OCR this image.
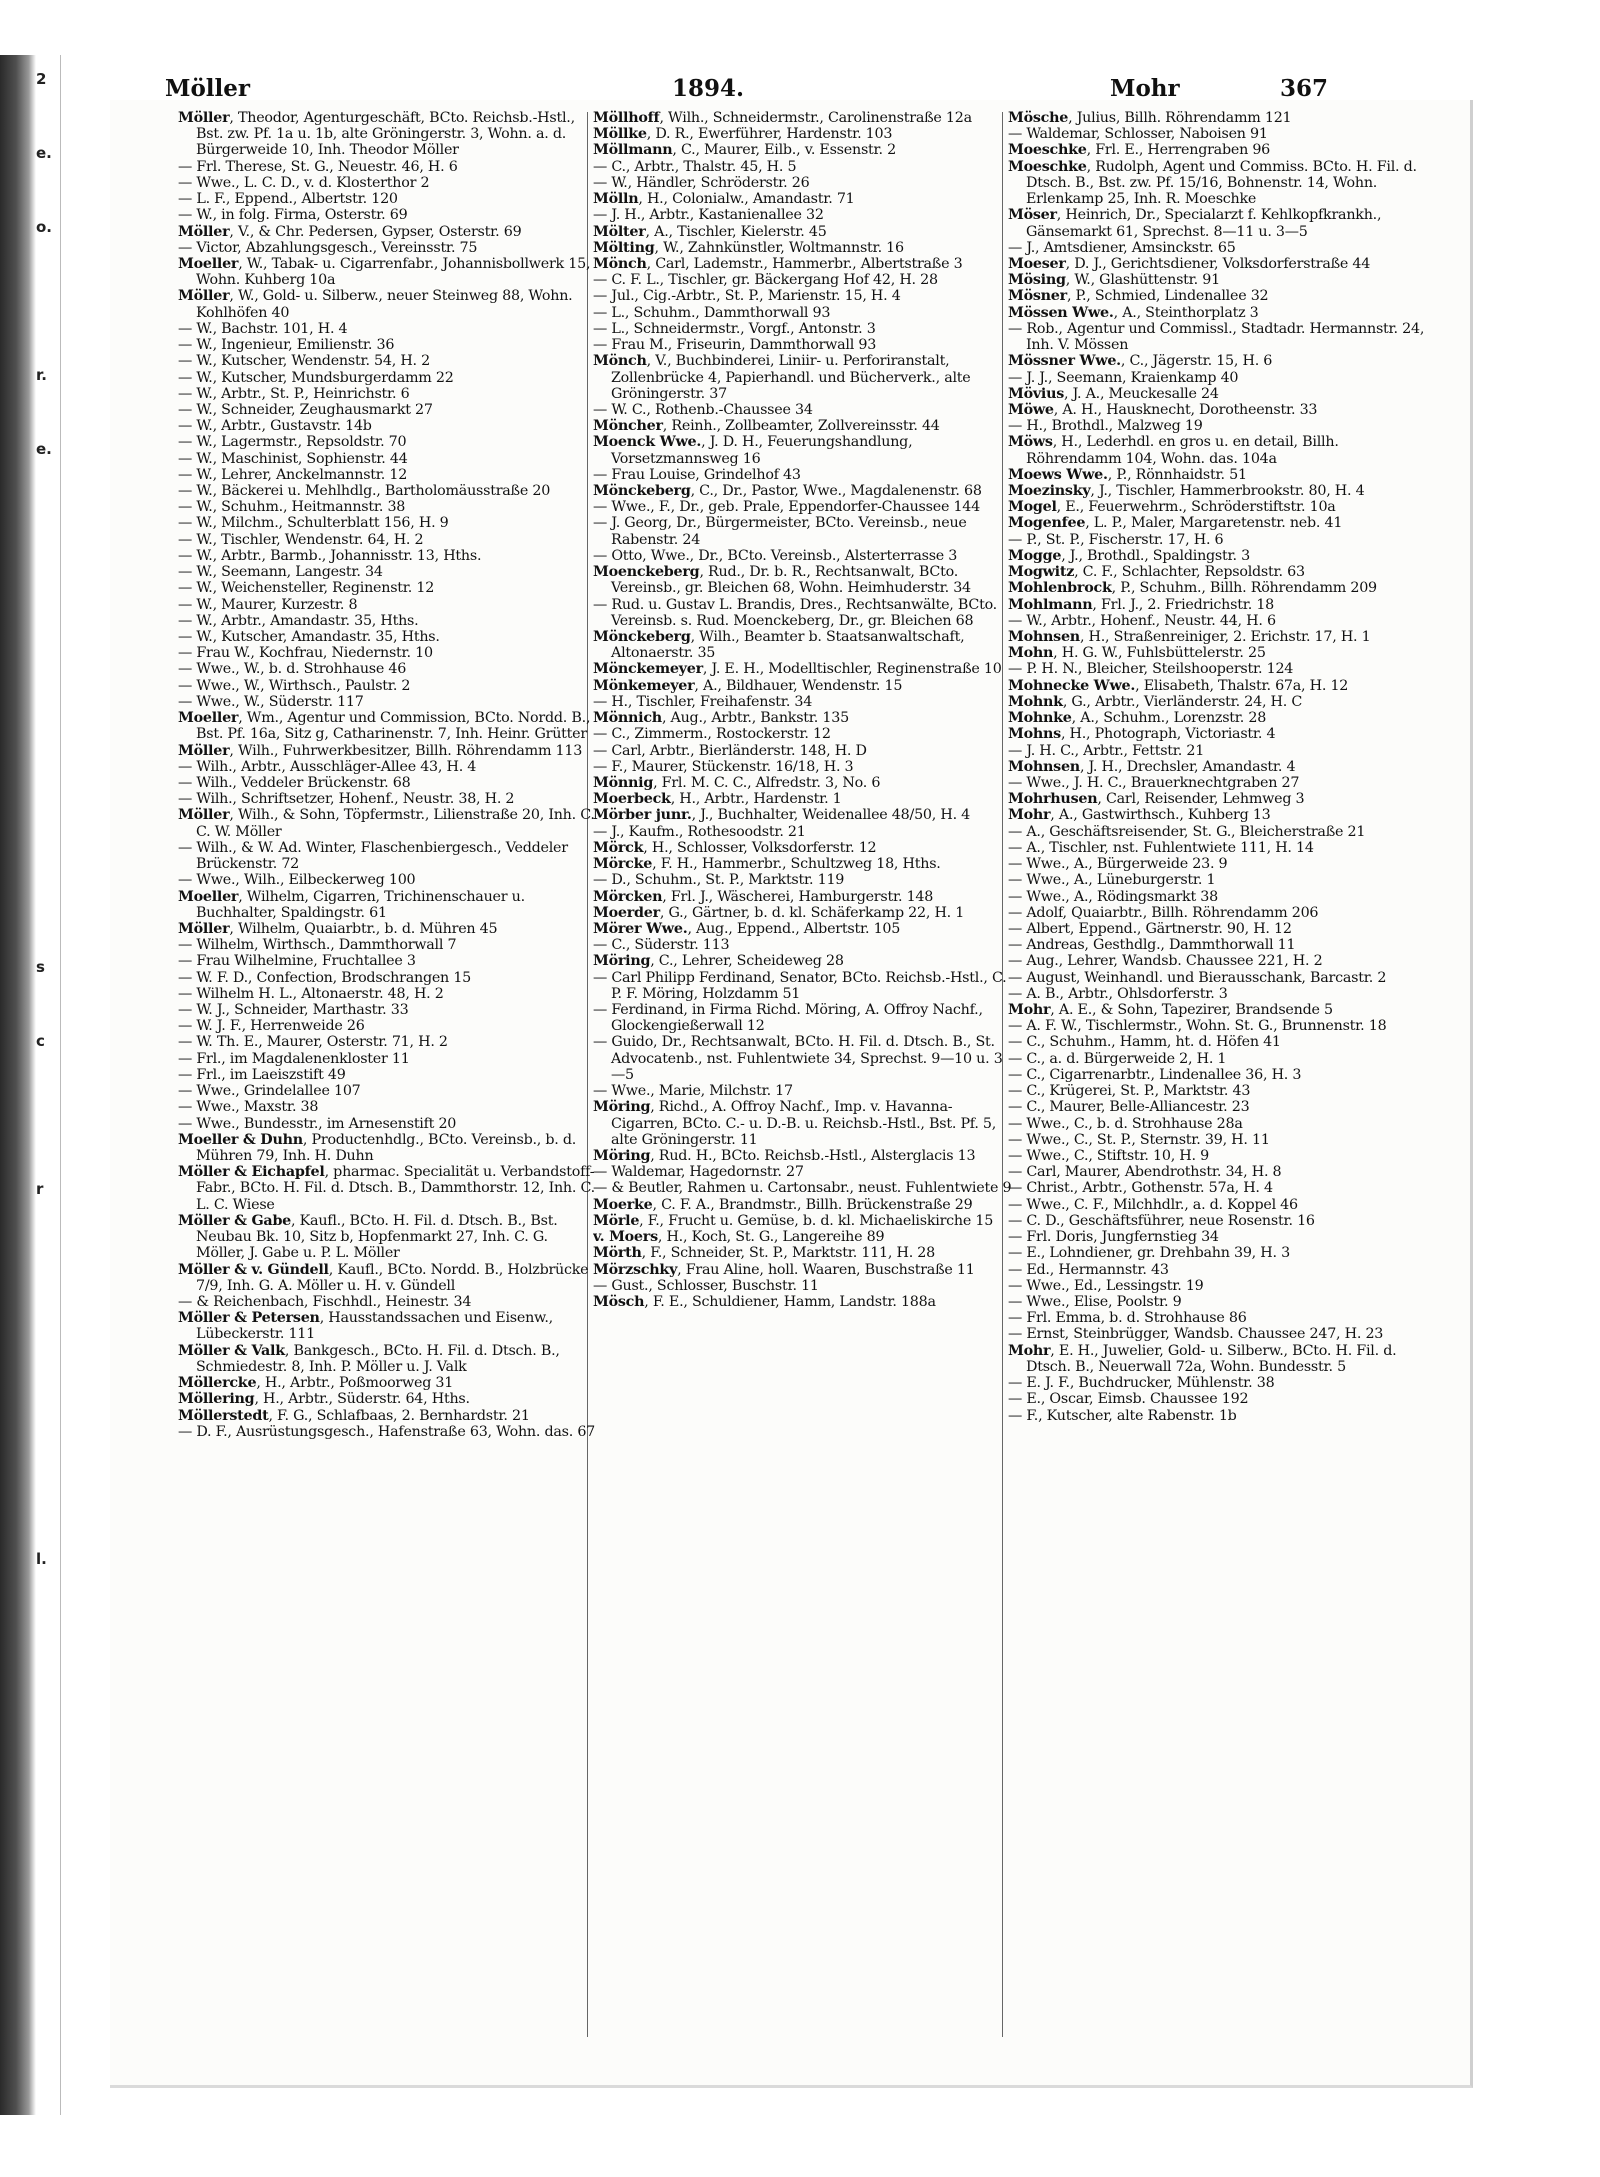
2
e.
o.
r.
e.
s
c
r
l.
Möller	1894.	Mohr	367

Möller, Theodor, Agenturgeschäft, BCto. Reichsb.-Hstl., Bst. zw. Pf. 1a u. 1b, alte Gröningerstr. 3, Wohn. a. d. Bürgerweide 10, Inh. Theodor Möller

— Frl. Therese, St. G., Neuestr. 46, H. 6

— Wwe., L. C. D., v. d. Klosterthor 2

— L. F., Eppend., Albertstr. 120

— W., in folg. Firma, Osterstr. 69

Möller, V., & Chr. Pedersen, Gypser, Osterstr. 69

— Victor, Abzahlungsgesch., Vereinsstr. 75

Moeller, W., Tabak- u. Cigarrenfabr., Johannisbollwerk 15, Wohn. Kuhberg 10a

Möller, W., Gold- u. Silberw., neuer Steinweg 88, Wohn. Kohlhöfen 40

— W., Bachstr. 101, H. 4

— W., Ingenieur, Emilienstr. 36

— W., Kutscher, Wendenstr. 54, H. 2

— W., Kutscher, Mundsburgerdamm 22

— W., Arbtr., St. P., Heinrichstr. 6

— W., Schneider, Zeughausmarkt 27

— W., Arbtr., Gustavstr. 14b

— W., Lagermstr., Repsoldstr. 70

— W., Maschinist, Sophienstr. 44

— W., Lehrer, Anckelmannstr. 12

— W., Bäckerei u. Mehlhdlg., Bartholomäusstraße 20

— W., Schuhm., Heitmannstr. 38

— W., Milchm., Schulterblatt 156, H. 9

— W., Tischler, Wendenstr. 64, H. 2

— W., Arbtr., Barmb., Johannisstr. 13, Hths.

— W., Seemann, Langestr. 34

— W., Weichensteller, Reginenstr. 12

— W., Maurer, Kurzestr. 8

— W., Arbtr., Amandastr. 35, Hths.

— W., Kutscher, Amandastr. 35, Hths.

— Frau W., Kochfrau, Niedernstr. 10

— Wwe., W., b. d. Strohhause 46

— Wwe., W., Wirthsch., Paulstr. 2

— Wwe., W., Süderstr. 117

Moeller, Wm., Agentur und Commission, BCto. Nordd. B., Bst. Pf. 16a, Sitz g, Catharinenstr. 7, Inh. Heinr. Grütter

Möller, Wilh., Fuhrwerkbesitzer, Billh. Röhrendamm 113

— Wilh., Arbtr., Ausschläger-Allee 43, H. 4

— Wilh., Veddeler Brückenstr. 68

— Wilh., Schriftsetzer, Hohenf., Neustr. 38, H. 2

Möller, Wilh., & Sohn, Töpfermstr., Lilienstraße 20, Inh. C. C. W. Möller

— Wilh., & W. Ad. Winter, Flaschenbiergesch., Veddeler Brückenstr. 72

— Wwe., Wilh., Eilbeckerweg 100

Moeller, Wilhelm, Cigarren, Trichinenschauer u. Buchhalter, Spaldingstr. 61

Möller, Wilhelm, Quaiarbtr., b. d. Mühren 45

— Wilhelm, Wirthsch., Dammthorwall 7

— Frau Wilhelmine, Fruchtallee 3

— W. F. D., Confection, Brodschrangen 15

— Wilhelm H. L., Altonaerstr. 48, H. 2

— W. J., Schneider, Marthastr. 33

— W. J. F., Herrenweide 26

— W. Th. E., Maurer, Osterstr. 71, H. 2

— Frl., im Magdalenenkloster 11

— Frl., im Laeiszstift 49

— Wwe., Grindelallee 107

— Wwe., Maxstr. 38

— Wwe., Bundesstr., im Arnesenstift 20

Moeller & Duhn, Productenhdlg., BCto. Vereinsb., b. d. Mühren 79, Inh. H. Duhn

Möller & Eichapfel, pharmac. Specialität u. Verbandstoff-Fabr., BCto. H. Fil. d. Dtsch. B., Dammthorstr. 12, Inh. C. L. C. Wiese

Möller & Gabe, Kaufl., BCto. H. Fil. d. Dtsch. B., Bst. Neubau Bk. 10, Sitz b, Hopfenmarkt 27, Inh. C. G. Möller, J. Gabe u. P. L. Möller

Möller & v. Gündell, Kaufl., BCto. Nordd. B., Holzbrücke 7/9, Inh. G. A. Möller u. H. v. Gündell

— & Reichenbach, Fischhdl., Heinestr. 34

Möller & Petersen, Hausstandssachen und Eisenw., Lübeckerstr. 111

Möller & Valk, Bankgesch., BCto. H. Fil. d. Dtsch. B., Schmiedestr. 8, Inh. P. Möller u. J. Valk

Möllercke, H., Arbtr., Poßmoorweg 31

Möllering, H., Arbtr., Süderstr. 64, Hths.

Möllerstedt, F. G., Schlafbaas, 2. Bernhardstr. 21

— D. F., Ausrüstungsgesch., Hafenstraße 63, Wohn. das. 67

Möllhoff, Wilh., Schneidermstr., Carolinenstraße 12a

Möllke, D. R., Ewerführer, Hardenstr. 103

Möllmann, C., Maurer, Eilb., v. Essenstr. 2

— C., Arbtr., Thalstr. 45, H. 5

— W., Händler, Schröderstr. 26

Mölln, H., Colonialw., Amandastr. 71

— J. H., Arbtr., Kastanienallee 32

Mölter, A., Tischler, Kielerstr. 45

Mölting, W., Zahnkünstler, Woltmannstr. 16

Mönch, Carl, Lademstr., Hammerbr., Albertstraße 3

— C. F. L., Tischler, gr. Bäckergang Hof 42, H. 28

— Jul., Cig.-Arbtr., St. P., Marienstr. 15, H. 4

— L., Schuhm., Dammthorwall 93

— L., Schneidermstr., Vorgf., Antonstr. 3

— Frau M., Friseurin, Dammthorwall 93

Mönch, V., Buchbinderei, Liniir- u. Perforiranstalt, Zollenbrücke 4, Papierhandl. und Bücherverk., alte Gröningerstr. 37

— W. C., Rothenb.-Chaussee 34

Möncher, Reinh., Zollbeamter, Zollvereinsstr. 44

Moenck Wwe., J. D. H., Feuerungshandlung, Vorsetzmannsweg 16

— Frau Louise, Grindelhof 43

Mönckeberg, C., Dr., Pastor, Wwe., Magdalenenstr. 68

— Wwe., F., Dr., geb. Prale, Eppendorfer-Chaussee 144

— J. Georg, Dr., Bürgermeister, BCto. Vereinsb., neue Rabenstr. 24

— Otto, Wwe., Dr., BCto. Vereinsb., Alsterterrasse 3

Moenckeberg, Rud., Dr. b. R., Rechtsanwalt, BCto. Vereinsb., gr. Bleichen 68, Wohn. Heimhuderstr. 34

— Rud. u. Gustav L. Brandis, Dres., Rechtsanwälte, BCto. Vereinsb. s. Rud. Moenckeberg, Dr., gr. Bleichen 68

Mönckeberg, Wilh., Beamter b. Staatsanwaltschaft, Altonaerstr. 35

Mönckemeyer, J. E. H., Modelltischler, Reginenstraße 10

Mönkemeyer, A., Bildhauer, Wendenstr. 15

— H., Tischler, Freihafenstr. 34

Mönnich, Aug., Arbtr., Bankstr. 135

— C., Zimmerm., Rostockerstr. 12

— Carl, Arbtr., Bierländerstr. 148, H. D

— F., Maurer, Stückenstr. 16/18, H. 3

Mönnig, Frl. M. C. C., Alfredstr. 3, No. 6

Moerbeck, H., Arbtr., Hardenstr. 1

Mörber junr., J., Buchhalter, Weidenallee 48/50, H. 4

— J., Kaufm., Rothesoodstr. 21

Mörck, H., Schlosser, Volksdorferstr. 12

Mörcke, F. H., Hammerbr., Schultzweg 18, Hths.

— D., Schuhm., St. P., Marktstr. 119

Mörcken, Frl. J., Wäscherei, Hamburgerstr. 148

Moerder, G., Gärtner, b. d. kl. Schäferkamp 22, H. 1

Mörer Wwe., Aug., Eppend., Albertstr. 105

— C., Süderstr. 113

Möring, C., Lehrer, Scheideweg 28

— Carl Philipp Ferdinand, Senator, BCto. Reichsb.-Hstl., C. P. F. Möring, Holzdamm 51

— Ferdinand, in Firma Richd. Möring, A. Offroy Nachf., Glockengießerwall 12

— Guido, Dr., Rechtsanwalt, BCto. H. Fil. d. Dtsch. B., St. Advocatenb., nst. Fuhlentwiete 34, Sprechst. 9—10 u. 3—5

— Wwe., Marie, Milchstr. 17

Möring, Richd., A. Offroy Nachf., Imp. v. Havanna-Cigarren, BCto. C.- u. D.-B. u. Reichsb.-Hstl., Bst. Pf. 5, alte Gröningerstr. 11

Möring, Rud. H., BCto. Reichsb.-Hstl., Alsterglacis 13

— Waldemar, Hagedornstr. 27

— & Beutler, Rahmen u. Cartonsabr., neust. Fuhlentwiete 9

Moerke, C. F. A., Brandmstr., Billh. Brückenstraße 29

Mörle, F., Frucht u. Gemüse, b. d. kl. Michaeliskirche 15

v. Moers, H., Koch, St. G., Langereihe 89

Mörth, F., Schneider, St. P., Marktstr. 111, H. 28

Mörzschky, Frau Aline, holl. Waaren, Buschstraße 11

— Gust., Schlosser, Buschstr. 11

Mösch, F. E., Schuldiener, Hamm, Landstr. 188a

Mösche, Julius, Billh. Röhrendamm 121

— Waldemar, Schlosser, Naboisen 91

Moeschke, Frl. E., Herrengraben 96

Moeschke, Rudolph, Agent und Commiss. BCto. H. Fil. d. Dtsch. B., Bst. zw. Pf. 15/16, Bohnenstr. 14, Wohn. Erlenkamp 25, Inh. R. Moeschke

Möser, Heinrich, Dr., Specialarzt f. Kehlkopfkrankh., Gänsemarkt 61, Sprechst. 8—11 u. 3—5

— J., Amtsdiener, Amsinckstr. 65

Moeser, D. J., Gerichtsdiener, Volksdorferstraße 44

Mösing, W., Glashüttenstr. 91

Mösner, P., Schmied, Lindenallee 32

Mössen Wwe., A., Steinthorplatz 3

— Rob., Agentur und Commissl., Stadtadr. Hermannstr. 24, Inh. V. Mössen

Mössner Wwe., C., Jägerstr. 15, H. 6

— J. J., Seemann, Kraienkamp 40

Mövius, J. A., Meuckesalle 24

Möwe, A. H., Hausknecht, Dorotheenstr. 33

— H., Brothdl., Malzweg 19

Möws, H., Lederhdl. en gros u. en detail, Billh. Röhrendamm 104, Wohn. das. 104a

Moews Wwe., P., Rönnhaidstr. 51

Moezinsky, J., Tischler, Hammerbrookstr. 80, H. 4

Mogel, E., Feuerwehrm., Schröderstiftstr. 10a

Mogenfee, L. P., Maler, Margaretenstr. neb. 41

— P., St. P., Fischerstr. 17, H. 6

Mogge, J., Brothdl., Spaldingstr. 3

Mogwitz, C. F., Schlachter, Repsoldstr. 63

Mohlenbrock, P., Schuhm., Billh. Röhrendamm 209

Mohlmann, Frl. J., 2. Friedrichstr. 18

— W., Arbtr., Hohenf., Neustr. 44, H. 6

Mohnsen, H., Straßenreiniger, 2. Erichstr. 17, H. 1

Mohn, H. G. W., Fuhlsbüttelerstr. 25

— P. H. N., Bleicher, Steilshooperstr. 124

Mohnecke Wwe., Elisabeth, Thalstr. 67a, H. 12

Mohnk, G., Arbtr., Vierländerstr. 24, H. C

Mohnke, A., Schuhm., Lorenzstr. 28

Mohns, H., Photograph, Victoriastr. 4

— J. H. C., Arbtr., Fettstr. 21

Mohnsen, J. H., Drechsler, Amandastr. 4

— Wwe., J. H. C., Brauerknechtgraben 27

Mohrhusen, Carl, Reisender, Lehmweg 3

Mohr, A., Gastwirthsch., Kuhberg 13

— A., Geschäftsreisender, St. G., Bleicherstraße 21

— A., Tischler, nst. Fuhlentwiete 111, H. 14

— Wwe., A., Bürgerweide 23. 9

— Wwe., A., Lüneburgerstr. 1

— Wwe., A., Rödingsmarkt 38

— Adolf, Quaiarbtr., Billh. Röhrendamm 206

— Albert, Eppend., Gärtnerstr. 90, H. 12

— Andreas, Gesthdlg., Dammthorwall 11

— Aug., Lehrer, Wandsb. Chaussee 221, H. 2

— August, Weinhandl. und Bierausschank, Barcastr. 2

— A. B., Arbtr., Ohlsdorferstr. 3

Mohr, A. E., & Sohn, Tapezirer, Brandsende 5

— A. F. W., Tischlermstr., Wohn. St. G., Brunnenstr. 18

— C., Schuhm., Hamm, ht. d. Höfen 41

— C., a. d. Bürgerweide 2, H. 1

— C., Cigarrenarbtr., Lindenallee 36, H. 3

— C., Krügerei, St. P., Marktstr. 43

— C., Maurer, Belle-Alliancestr. 23

— Wwe., C., b. d. Strohhause 28a

— Wwe., C., St. P., Sternstr. 39, H. 11

— Wwe., C., Stiftstr. 10, H. 9

— Carl, Maurer, Abendrothstr. 34, H. 8

— Christ., Arbtr., Gothenstr. 57a, H. 4

— Wwe., C. F., Milchhdlr., a. d. Koppel 46

— C. D., Geschäftsführer, neue Rosenstr. 16

— Frl. Doris, Jungfernstieg 34

— E., Lohndiener, gr. Drehbahn 39, H. 3

— Ed., Hermannstr. 43

— Wwe., Ed., Lessingstr. 19

— Wwe., Elise, Poolstr. 9

— Frl. Emma, b. d. Strohhause 86

— Ernst, Steinbrügger, Wandsb. Chaussee 247, H. 23

Mohr, E. H., Juwelier, Gold- u. Silberw., BCto. H. Fil. d. Dtsch. B., Neuerwall 72a, Wohn. Bundesstr. 5

— E. J. F., Buchdrucker, Mühlenstr. 38

— E., Oscar, Eimsb. Chaussee 192

— F., Kutscher, alte Rabenstr. 1b
